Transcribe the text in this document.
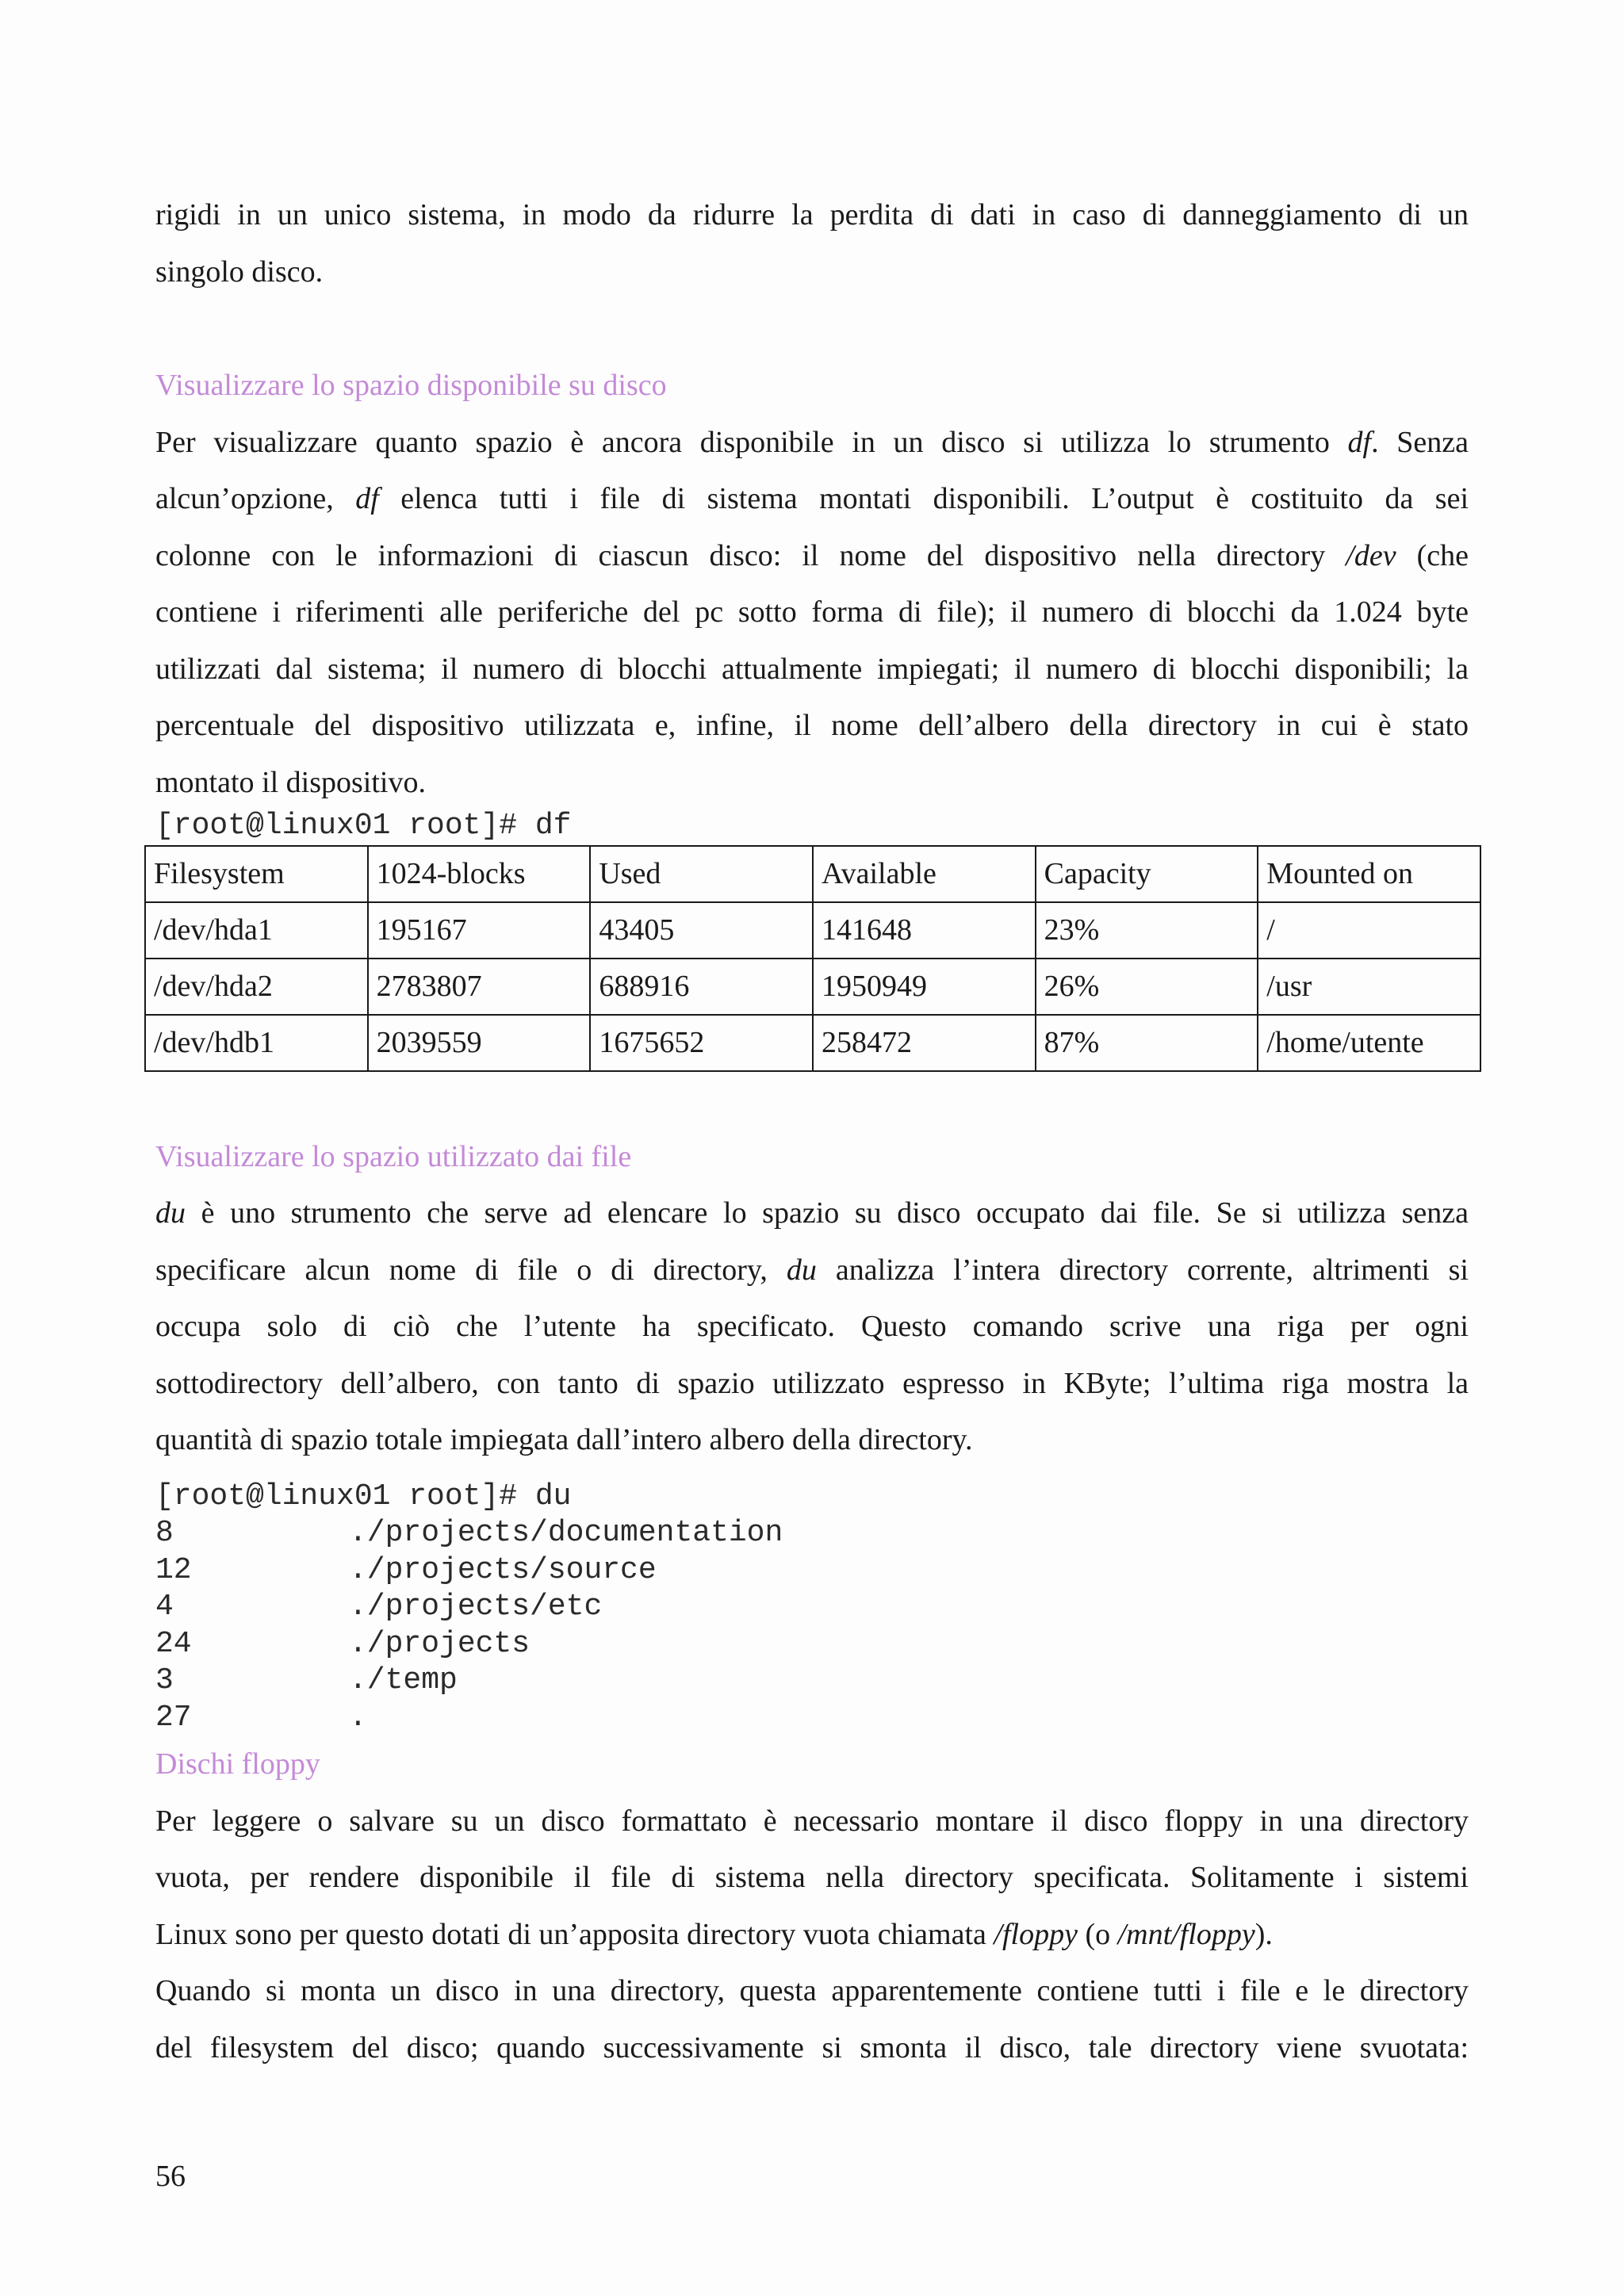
rigidi in un unico sistema, in modo da ridurre la perdita di dati in caso di danneggiamento di un

singolo disco.

Visualizzare lo spazio disponibile su disco

Per visualizzare quanto spazio è ancora disponibile in un disco si utilizza lo strumento df. Senza

alcun’opzione, df elenca tutti i file di sistema montati disponibili. L’output è costituito da sei

colonne con le informazioni di ciascun disco: il nome del dispositivo nella directory /dev (che

contiene i riferimenti alle periferiche del pc sotto forma di file); il numero di blocchi da 1.024 byte

utilizzati dal sistema; il numero di blocchi attualmente impiegati; il numero di blocchi disponibili; la

percentuale del dispositivo utilizzata e, infine, il nome dell’albero della directory in cui è stato

montato il dispositivo.

[root@linux01 root]# df

Filesystem	1024-blocks	Used	Available	Capacity	Mounted on
/dev/hda1	195167	43405	141648	23%	/
/dev/hda2	2783807	688916	1950949	26%	/usr
/dev/hdb1	2039559	1675652	258472	87%	/home/utente

Visualizzare lo spazio utilizzato dai file

du è uno strumento che serve ad elencare lo spazio su disco occupato dai file. Se si utilizza senza

specificare alcun nome di file o di directory, du analizza l’intera directory corrente, altrimenti si

occupa solo di ciò che l’utente ha specificato. Questo comando scrive una riga per ogni

sottodirectory dell’albero, con tanto di spazio utilizzato espresso in KByte; l’ultima riga mostra la

quantità di spazio totale impiegata dall’intero albero della directory.

[root@linux01 root]# du

8	./projects/documentation
12	./projects/source
4	./projects/etc
24	./projects
3	./temp
27	.

Dischi floppy

Per leggere o salvare su un disco formattato è necessario montare il disco floppy in una directory

vuota, per rendere disponibile il file di sistema nella directory specificata. Solitamente i sistemi

Linux sono per questo dotati di un’apposita directory vuota chiamata /floppy (o /mnt/floppy).

Quando si monta un disco in una directory, questa apparentemente contiene tutti i file e le directory

del filesystem del disco; quando successivamente si smonta il disco, tale directory viene svuotata:

56
